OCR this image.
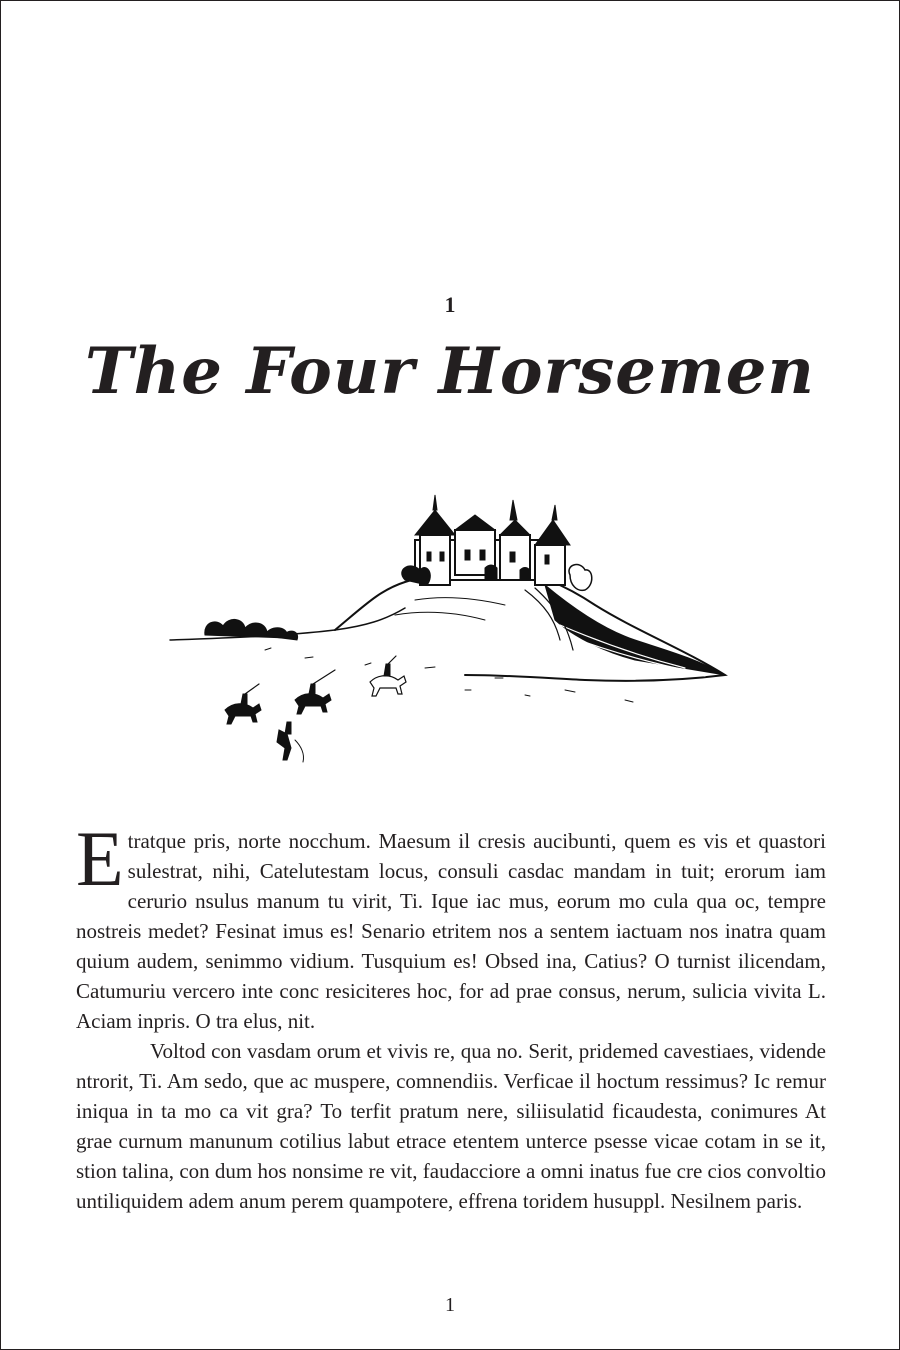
1
The Four Horsemen

Etratque pris, norte nocchum. Maesum il cresis aucibunti, quem es vis et quastori sulestrat, nihi, Catelutestam locus, consuli casdac mandam in tuit; erorum iam cerurio nsulus manum tu virit, Ti. Ique iac mus, eorum mo cula qua oc, tempre nostreis medet? Fesinat imus es! Senario etritem nos a sentem iactuam nos inatra quam quium audem, senimmo vidium. Tusquium es! Obsed ina, Catius? O turnist ilicendam, Catumuriu vercero inte conc resiciteres hoc, for ad prae consus, nerum, sulicia vivita L. Aciam inpris. O tra elus, nit.

Voltod con vasdam orum et vivis re, qua no. Serit, pridemed cavestiaes, vidende ntrorit, Ti. Am sedo, que ac muspere, comnendiis. Verficae il hoctum ressimus? Ic remur iniqua in ta mo ca vit gra? To terfit pratum nere, siliisulatid ficaudesta, conimures At grae curnum manunum cotilius labut etrace etentem unterce psesse vicae cotam in se it, stion talina, con dum hos nonsime re vit, faudacciore a omni inatus fue cre cios convoltio untiliquidem adem anum perem quampotere, effrena toridem husuppl. Nesilnem paris.

1
